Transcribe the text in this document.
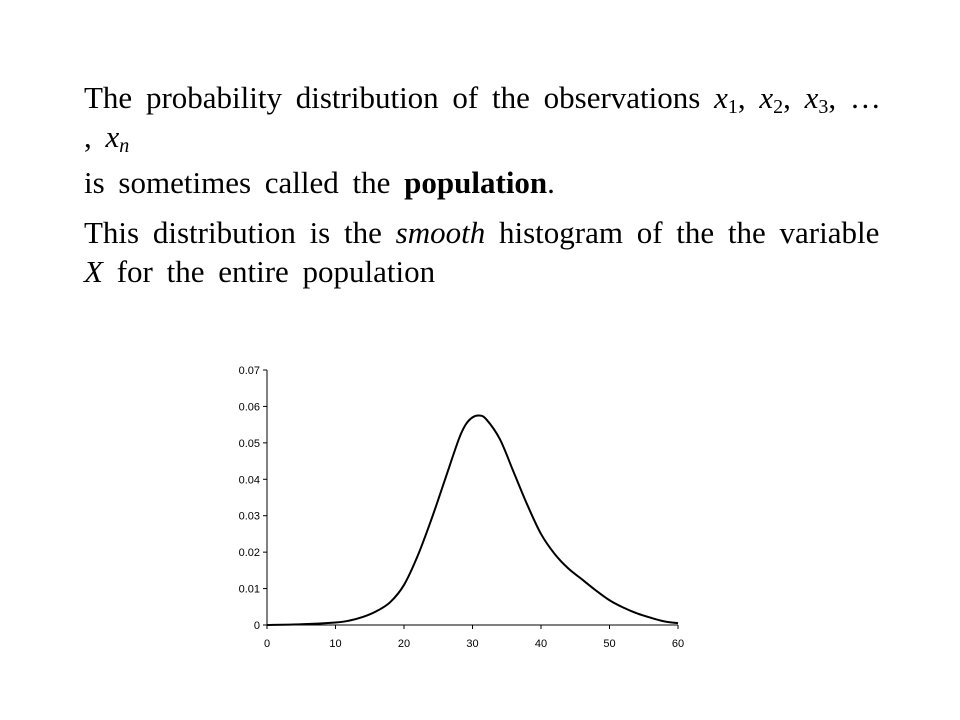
The probability distribution of the observations $x_1$, $x_2$, $x_3$, … , $x_n$

is sometimes called the population.

This distribution is the smooth histogram of the the variable X for the entire population

0
0.01
0.02
0.03
0.04
0.05
0.06
0.07
0	10	20	30	40	50	60
